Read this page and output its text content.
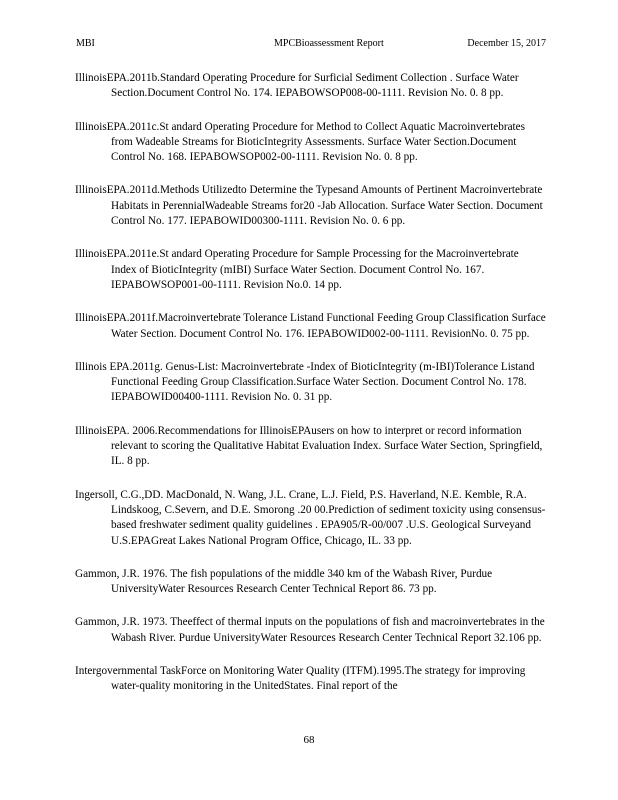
MBI	MPCBioassessment Report	December 15, 2017
IllinoisEPA.2011b.Standard Operating Procedure for Surficial Sediment Collection . Surface Water Section.Document Control No. 174. IEPABOWSOP008-00-1111. Revision No. 0. 8 pp.
IllinoisEPA.2011c.St andard Operating Procedure for Method to Collect Aquatic Macroinvertebrates from Wadeable Streams for BioticIntegrity Assessments. Surface Water Section.Document Control No. 168. IEPABOWSOP002-00-1111. Revision No. 0. 8 pp.
IllinoisEPA.2011d.Methods Utilizedto Determine the Typesand Amounts of Pertinent Macroinvertebrate Habitats in PerennialWadeable Streams for20 -Jab Allocation. Surface Water Section. Document Control No. 177. IEPABOWID00300-1111. Revision No. 0. 6 pp.
IllinoisEPA.2011e.St andard Operating Procedure for Sample Processing for the Macroinvertebrate Index of BioticIntegrity (mIBI) Surface Water Section. Document Control No. 167. IEPABOWSOP001-00-1111. Revision No.0. 14 pp.
IllinoisEPA.2011f.Macroinvertebrate Tolerance Listand Functional Feeding Group Classification Surface Water Section. Document Control No. 176. IEPABOWID002-00-1111. RevisionNo. 0. 75 pp.
Illinois EPA.2011g. Genus-List: Macroinvertebrate -Index of BioticIntegrity (m-IBI)Tolerance Listand Functional Feeding Group Classification.Surface Water Section. Document Control No. 178. IEPABOWID00400-1111. Revision No. 0. 31 pp.
IllinoisEPA. 2006.Recommendations for IllinoisEPAusers on how to interpret or record information relevant to scoring the Qualitative Habitat Evaluation Index. Surface Water Section, Springfield, IL. 8 pp.
Ingersoll, C.G.,DD. MacDonald, N. Wang, J.L. Crane, L.J. Field, P.S. Haverland, N.E. Kemble, R.A. Lindskoog, C.Severn, and D.E. Smorong .20 00.Prediction of sediment toxicity using consensus-based freshwater sediment quality guidelines . EPA905/R-00/007 .U.S. Geological Surveyand U.S.EPAGreat Lakes National Program Office, Chicago, IL. 33 pp.
Gammon, J.R. 1976. The fish populations of the middle 340 km of the Wabash River, Purdue UniversityWater Resources Research Center Technical Report 86. 73 pp.
Gammon, J.R. 1973. Theeffect of thermal inputs on the populations of fish and macroinvertebrates in the Wabash River. Purdue UniversityWater Resources Research Center Technical Report 32.106 pp.
Intergovernmental TaskForce on Monitoring Water Quality (ITFM).1995.The strategy for improving water-quality monitoring in the UnitedStates. Final report of the
68
